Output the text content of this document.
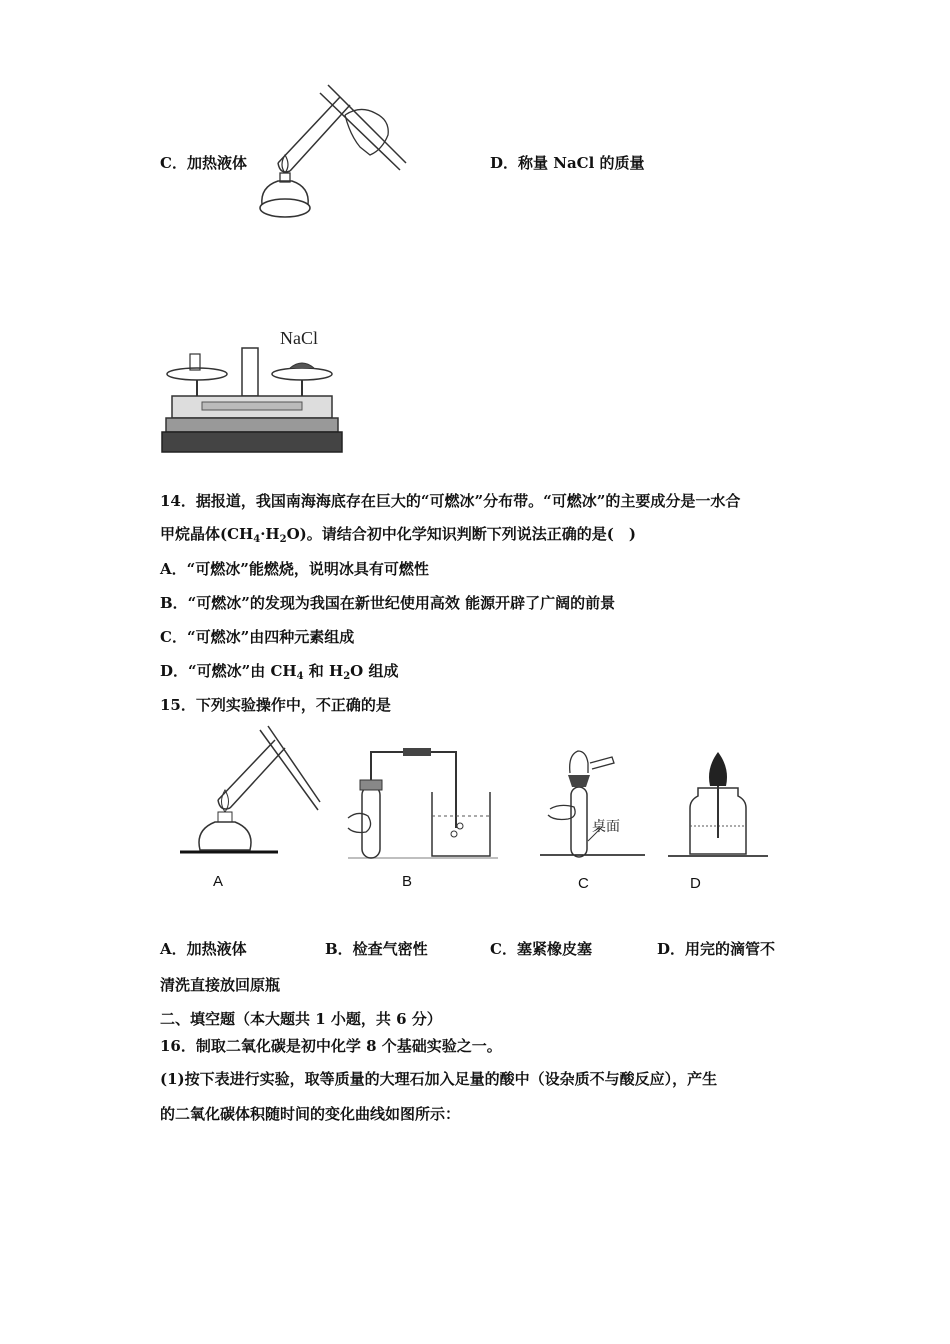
C．加热液体	D．称量 NaCl 的质量
NaCl
14．据报道，我国南海海底存在巨大的“可燃冰”分布带。“可燃冰”的主要成分是一水合
甲烷晶体$(CH_4\cdot H_2O)$。请结合初中化学知识判断下列说法正确的是(　)
A．“可燃冰”能燃烧，说明冰具有可燃性
B．“可燃冰”的发现为我国在新世纪使用高效 能源开辟了广阔的前景
C．“可燃冰”由四种元素组成
D．“可燃冰”由 $CH_4$ 和 $H_2O$ 组成
15．下列实验操作中，不正确的是
A	B
桌面
C	D
A．加热液体	B．检查气密性	C．塞紧橡皮塞	D．用完的滴管不
清洗直接放回原瓶
二、填空题（本大题共 1 小题，共 6 分）
16．制取二氧化碳是初中化学 8 个基础实验之一。
(1)按下表进行实验，取等质量的大理石加入足量的酸中（设杂质不与酸反应），产生
的二氧化碳体积随时间的变化曲线如图所示：
